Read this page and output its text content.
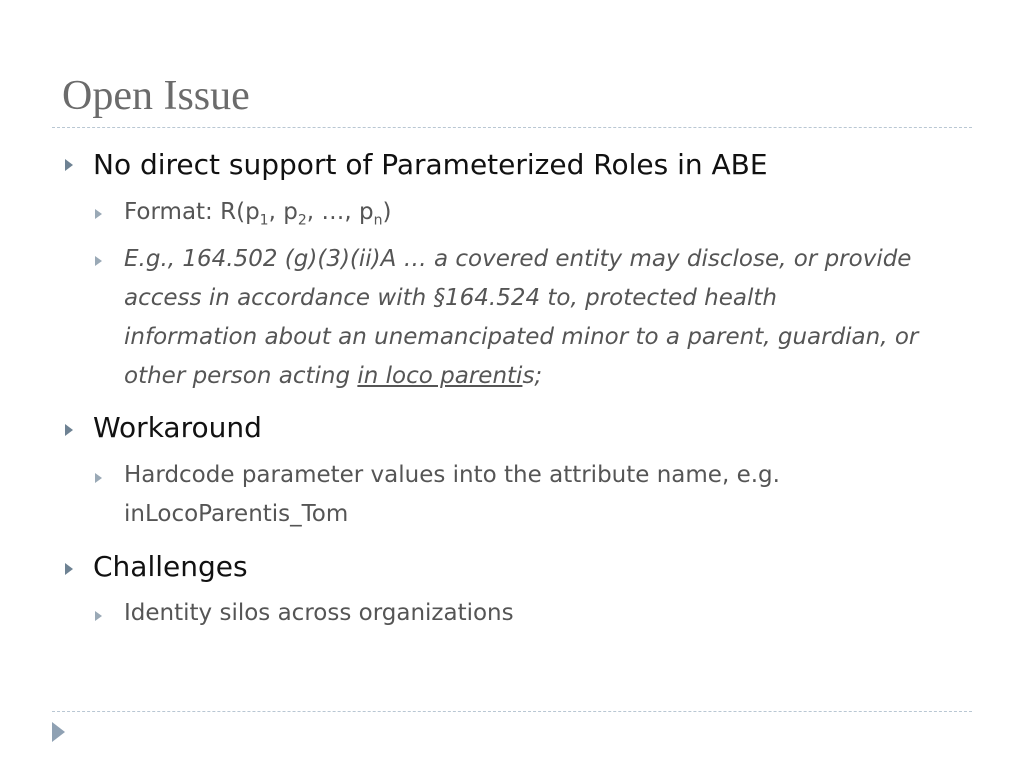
Open Issue
No direct support of Parameterized Roles in ABE
Format: $R(p_1$, $p_2$, …, $p_n$)
E.g., 164.502 (g)(3)(ii)A … a covered entity may disclose, or provide
access in accordance with §164.524 to, protected health
information about an unemancipated minor to a parent, guardian, or
other person acting in loco parentis;
Workaround
Hardcode parameter values into the attribute name, e.g.
inLocoParentis_Tom
Challenges
Identity silos across organizations
